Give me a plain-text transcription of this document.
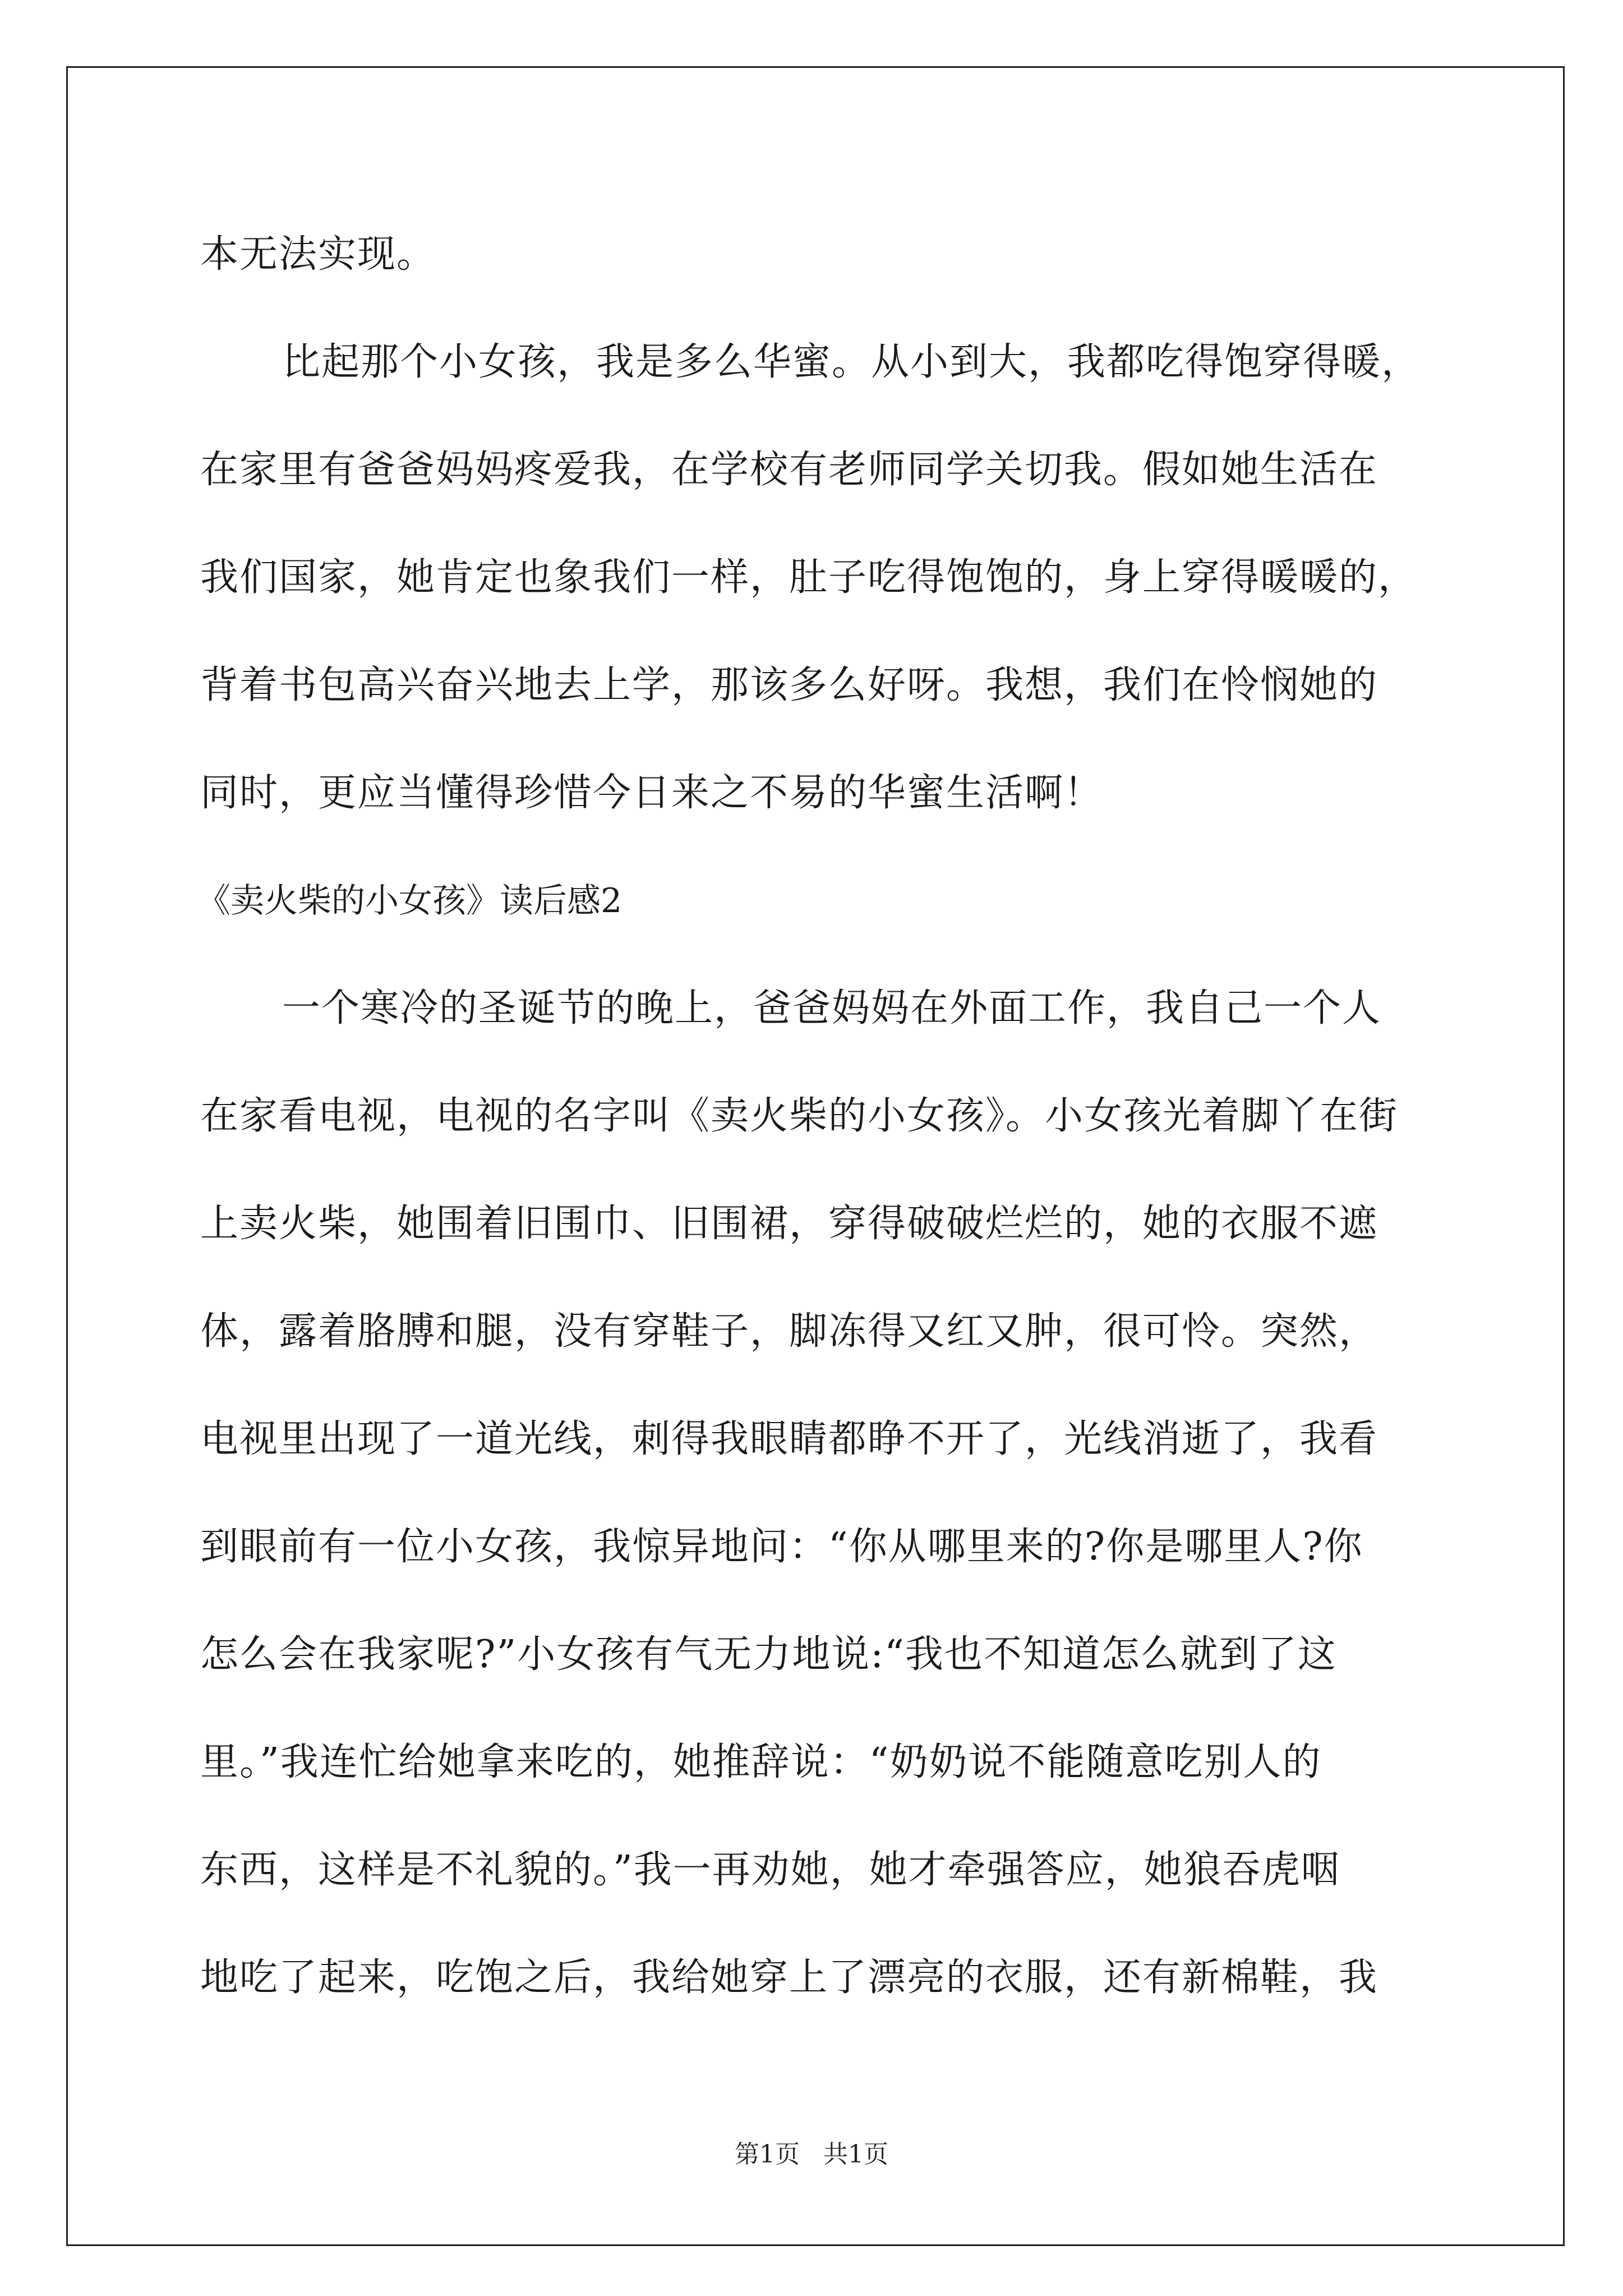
本无法实现。
比起那个小女孩，我是多么华蜜。从小到大，我都吃得饱穿得暖，
在家里有爸爸妈妈疼爱我，在学校有老师同学关切我。假如她生活在
我们国家，她肯定也象我们一样，肚子吃得饱饱的，身上穿得暖暖的，
背着书包高兴奋兴地去上学，那该多么好呀。我想，我们在怜悯她的
同时，更应当懂得珍惜今日来之不易的华蜜生活啊！
《卖火柴的小女孩》读后感2
一个寒冷的圣诞节的晚上，爸爸妈妈在外面工作，我自己一个人
在家看电视，电视的名字叫《卖火柴的小女孩》。小女孩光着脚丫在街
上卖火柴，她围着旧围巾、旧围裙，穿得破破烂烂的，她的衣服不遮
体，露着胳膊和腿，没有穿鞋子，脚冻得又红又肿，很可怜。突然，
电视里出现了一道光线，刺得我眼睛都睁不开了，光线消逝了，我看
到眼前有一位小女孩，我惊异地问：“你从哪里来的?你是哪里人?你
怎么会在我家呢?”小女孩有气无力地说:“我也不知道怎么就到了这
里。”我连忙给她拿来吃的，她推辞说：“奶奶说不能随意吃别人的
东西，这样是不礼貌的。”我一再劝她，她才牵强答应，她狼吞虎咽
地吃了起来，吃饱之后，我给她穿上了漂亮的衣服，还有新棉鞋，我
第1页   共1页
